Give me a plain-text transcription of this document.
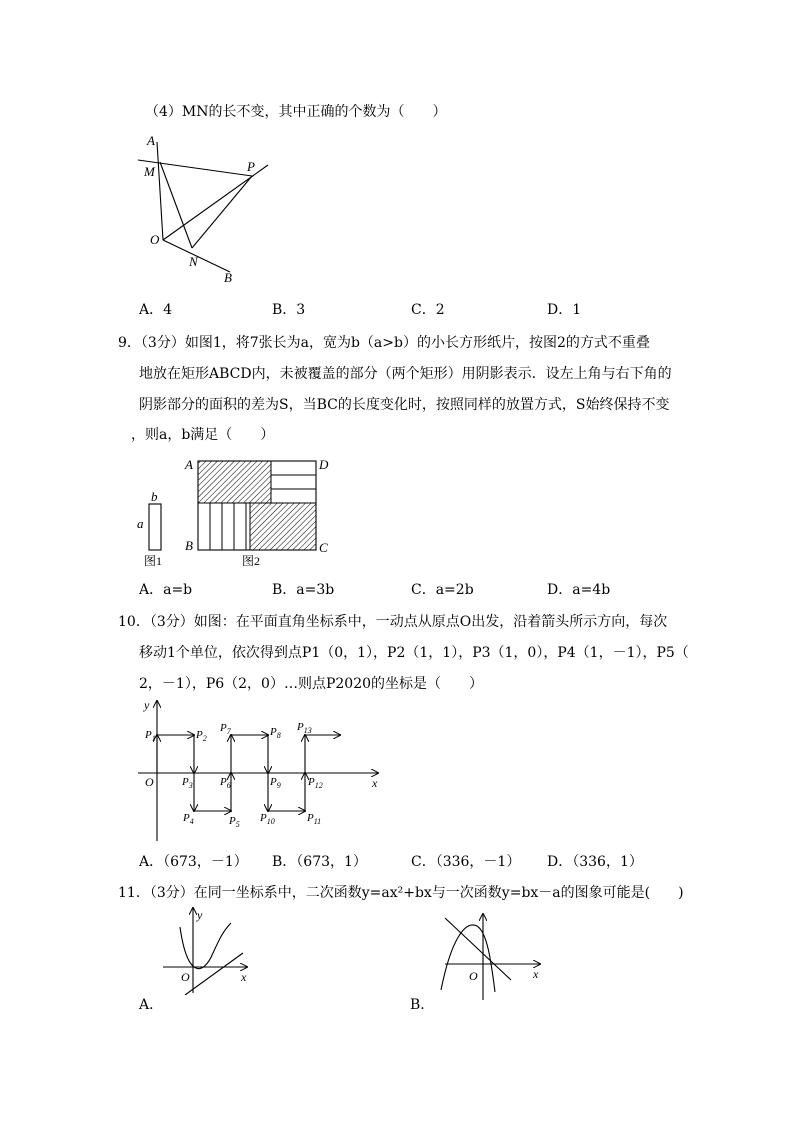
（4）MN的长不变，其中正确的个数为（　　）
A
M	P
O
N
B
A．4	B．3	C．2	D．1
9．（3分）如图1，将7张长为a，宽为b（a>b）的小长方形纸片，按图2的方式不重叠
地放在矩形ABCD内，未被覆盖的部分（两个矩形）用阴影表示．设左上角与右下角的
阴影部分的面积的差为S，当BC的长度变化时，按照同样的放置方式，S始终保持不变
，则a，b满足（　　）
b
a
图1
A	D
B	C
图2
A．a=b	B．a=3b	C．a=2b	D．a=4b
10．（3分）如图：在平面直角坐标系中，一动点从原点O出发，沿着箭头所示方向，每次
移动1个单位，依次得到点P1（0，1），P2（1，1），P3（1，0），P4（1，－1），P5（
2，－1），P6（2，0）…则点P2020的坐标是（　　）
y
x
O
$P_1$	$P_2$
$P_3$
$P_4$	$P_5$
$P_6$
$P_7$	$P_8$
$P_9$
$P_{10}$	$P_{11}$
$P_{12}$
$P_{13}$
A．（673，－1） B．（673，1）	C．（336，－1） D．（336，1）
11．（3分）在同一坐标系中，二次函数y=ax²+bx与一次函数y=bx－a的图象可能是(　　)
y
x
O
A．
x
O
B．
